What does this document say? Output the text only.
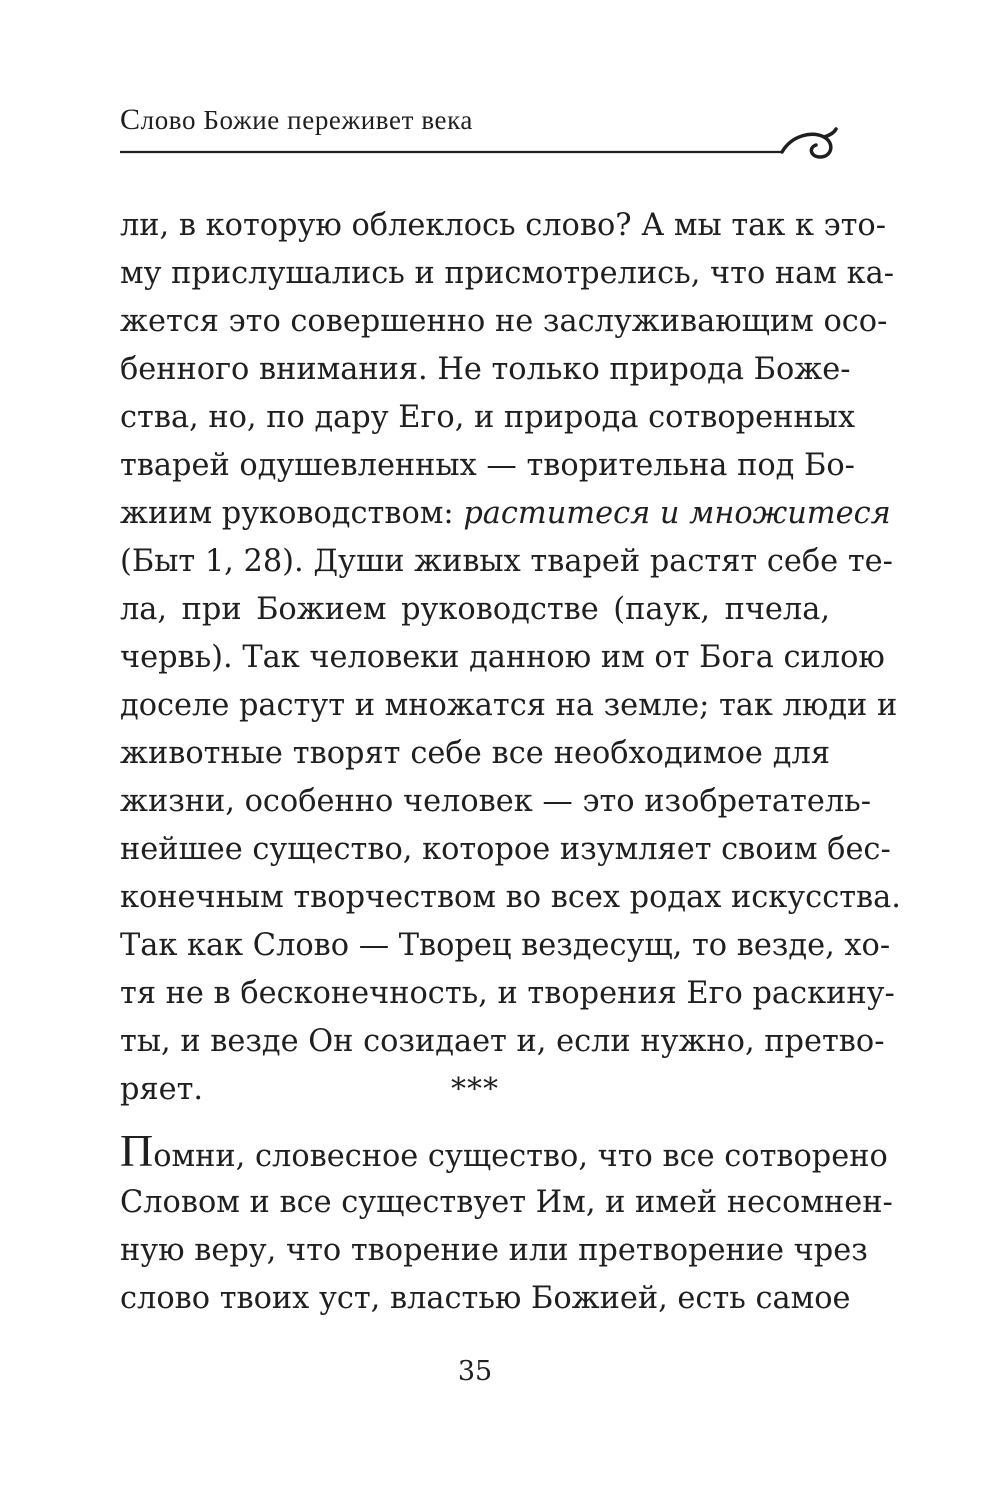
Слово Божие переживет века
ли, в которую облеклось слово? А мы так к это-
му прислушались и присмотрелись, что нам ка-
жется это совершенно не заслуживающим осо-
бенного внимания. Не только природа Боже-
ства, но, по дару Его, и природа сотворенных
тварей одушевленных — творительна под Бо-
жиим руководством: раститеся и множитеся
(Быт 1, 28). Души живых тварей растят себе те-
ла, при Божием руководстве (паук, пчела,
червь). Так человеки данною им от Бога силою
доселе растут и множатся на земле; так люди и
животные творят себе все необходимое для
жизни, особенно человек — это изобретатель-
нейшее существо, которое изумляет своим бес-
конечным творчеством во всех родах искусства.
Так как Слово — Творец вездесущ, то везде, хо-
тя не в бесконечность, и творения Его раскину-
ты, и везде Он созидает и, если нужно, претво-
ряет.	***
Помни, словесное существо, что все сотворено
Словом и все существует Им, и имей несомнен-
ную веру, что творение или претворение чрез
слово твоих уст, властью Божией, есть самое
35
